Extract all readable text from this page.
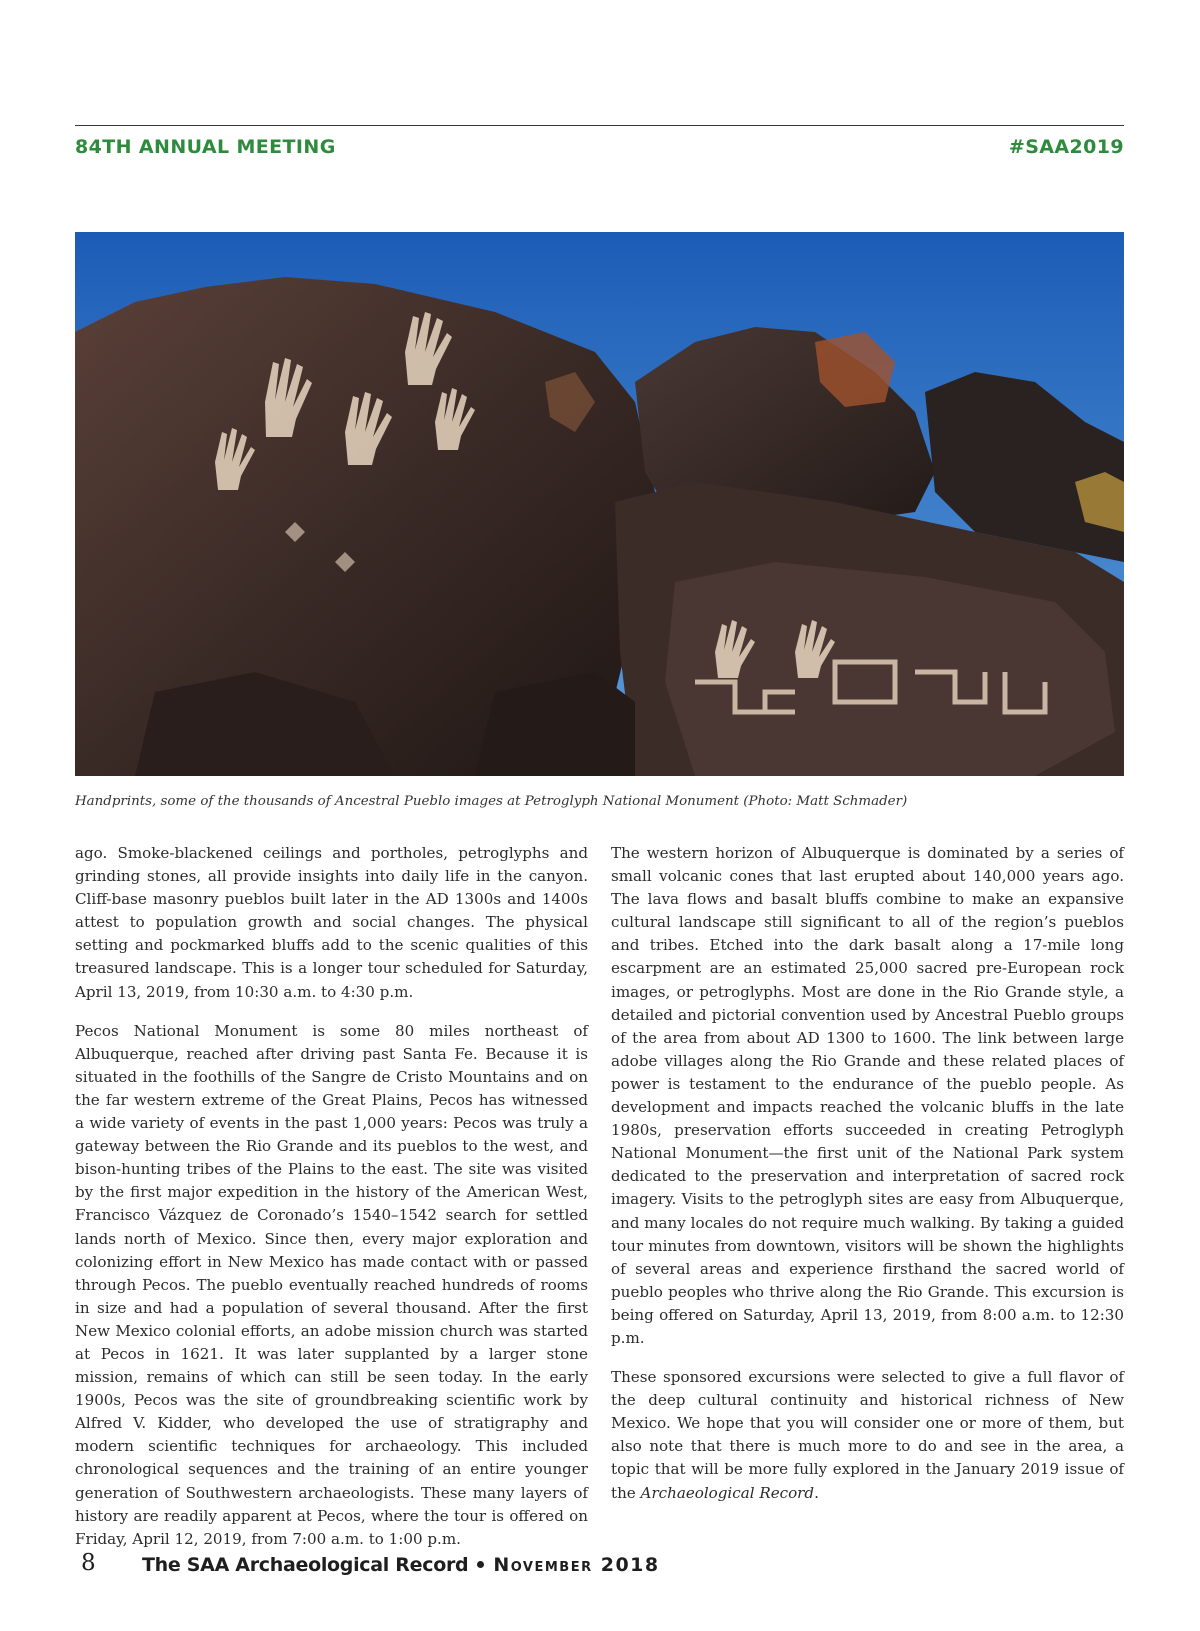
84TH ANNUAL MEETING	#SAA2019
Handprints, some of the thousands of Ancestral Pueblo images at Petroglyph National Monument (Photo: Matt Schmader)

ago. Smoke-blackened ceilings and portholes, petroglyphs and grinding stones, all provide insights into daily life in the canyon. Cliff-base masonry pueblos built later in the AD 1300s and 1400s attest to population growth and social changes. The physical setting and pockmarked bluffs add to the scenic qualities of this treasured landscape. This is a longer tour scheduled for Saturday, April 13, 2019, from 10:30 a.m. to 4:30 p.m.

Pecos National Monument is some 80 miles northeast of Albuquerque, reached after driving past Santa Fe. Because it is situated in the foothills of the Sangre de Cristo Mountains and on the far western extreme of the Great Plains, Pecos has witnessed a wide variety of events in the past 1,000 years: Pecos was truly a gateway between the Rio Grande and its pueblos to the west, and bison-hunting tribes of the Plains to the east. The site was visited by the first major expedition in the history of the American West, Francisco Vázquez de Coronado’s 1540–1542 search for settled lands north of Mexico. Since then, every major exploration and colonizing effort in New Mexico has made contact with or passed through Pecos. The pueblo eventually reached hundreds of rooms in size and had a population of several thousand. After the first New Mexico colonial efforts, an adobe mission church was started at Pecos in 1621. It was later supplanted by a larger stone mission, remains of which can still be seen today. In the early 1900s, Pecos was the site of groundbreaking scientific work by Alfred V. Kidder, who developed the use of stratigraphy and modern scientific techniques for archaeology. This included chronological sequences and the training of an entire younger generation of Southwestern archaeologists. These many layers of history are readily apparent at Pecos, where the tour is offered on Friday, April 12, 2019, from 7:00 a.m. to 1:00 p.m.

The western horizon of Albuquerque is dominated by a series of small volcanic cones that last erupted about 140,000 years ago. The lava flows and basalt bluffs combine to make an expansive cultural landscape still significant to all of the region’s pueblos and tribes. Etched into the dark basalt along a 17-mile long escarpment are an estimated 25,000 sacred pre-European rock images, or petroglyphs. Most are done in the Rio Grande style, a detailed and pictorial convention used by Ancestral Pueblo groups of the area from about AD 1300 to 1600. The link between large adobe villages along the Rio Grande and these related places of power is testament to the endurance of the pueblo people. As development and impacts reached the volcanic bluffs in the late 1980s, preservation efforts succeeded in creating Petroglyph National Monument—the first unit of the National Park system dedicated to the preservation and interpretation of sacred rock imagery. Visits to the petroglyph sites are easy from Albuquerque, and many locales do not require much walking. By taking a guided tour minutes from downtown, visitors will be shown the highlights of several areas and experience firsthand the sacred world of pueblo peoples who thrive along the Rio Grande. This excursion is being offered on Saturday, April 13, 2019, from 8:00 a.m. to 12:30 p.m.

These sponsored excursions were selected to give a full flavor of the deep cultural continuity and historical richness of New Mexico. We hope that you will consider one or more of them, but also note that there is much more to do and see in the area, a topic that will be more fully explored in the January 2019 issue of the Archaeological Record.

8 The SAA Archaeological Record November 2018
